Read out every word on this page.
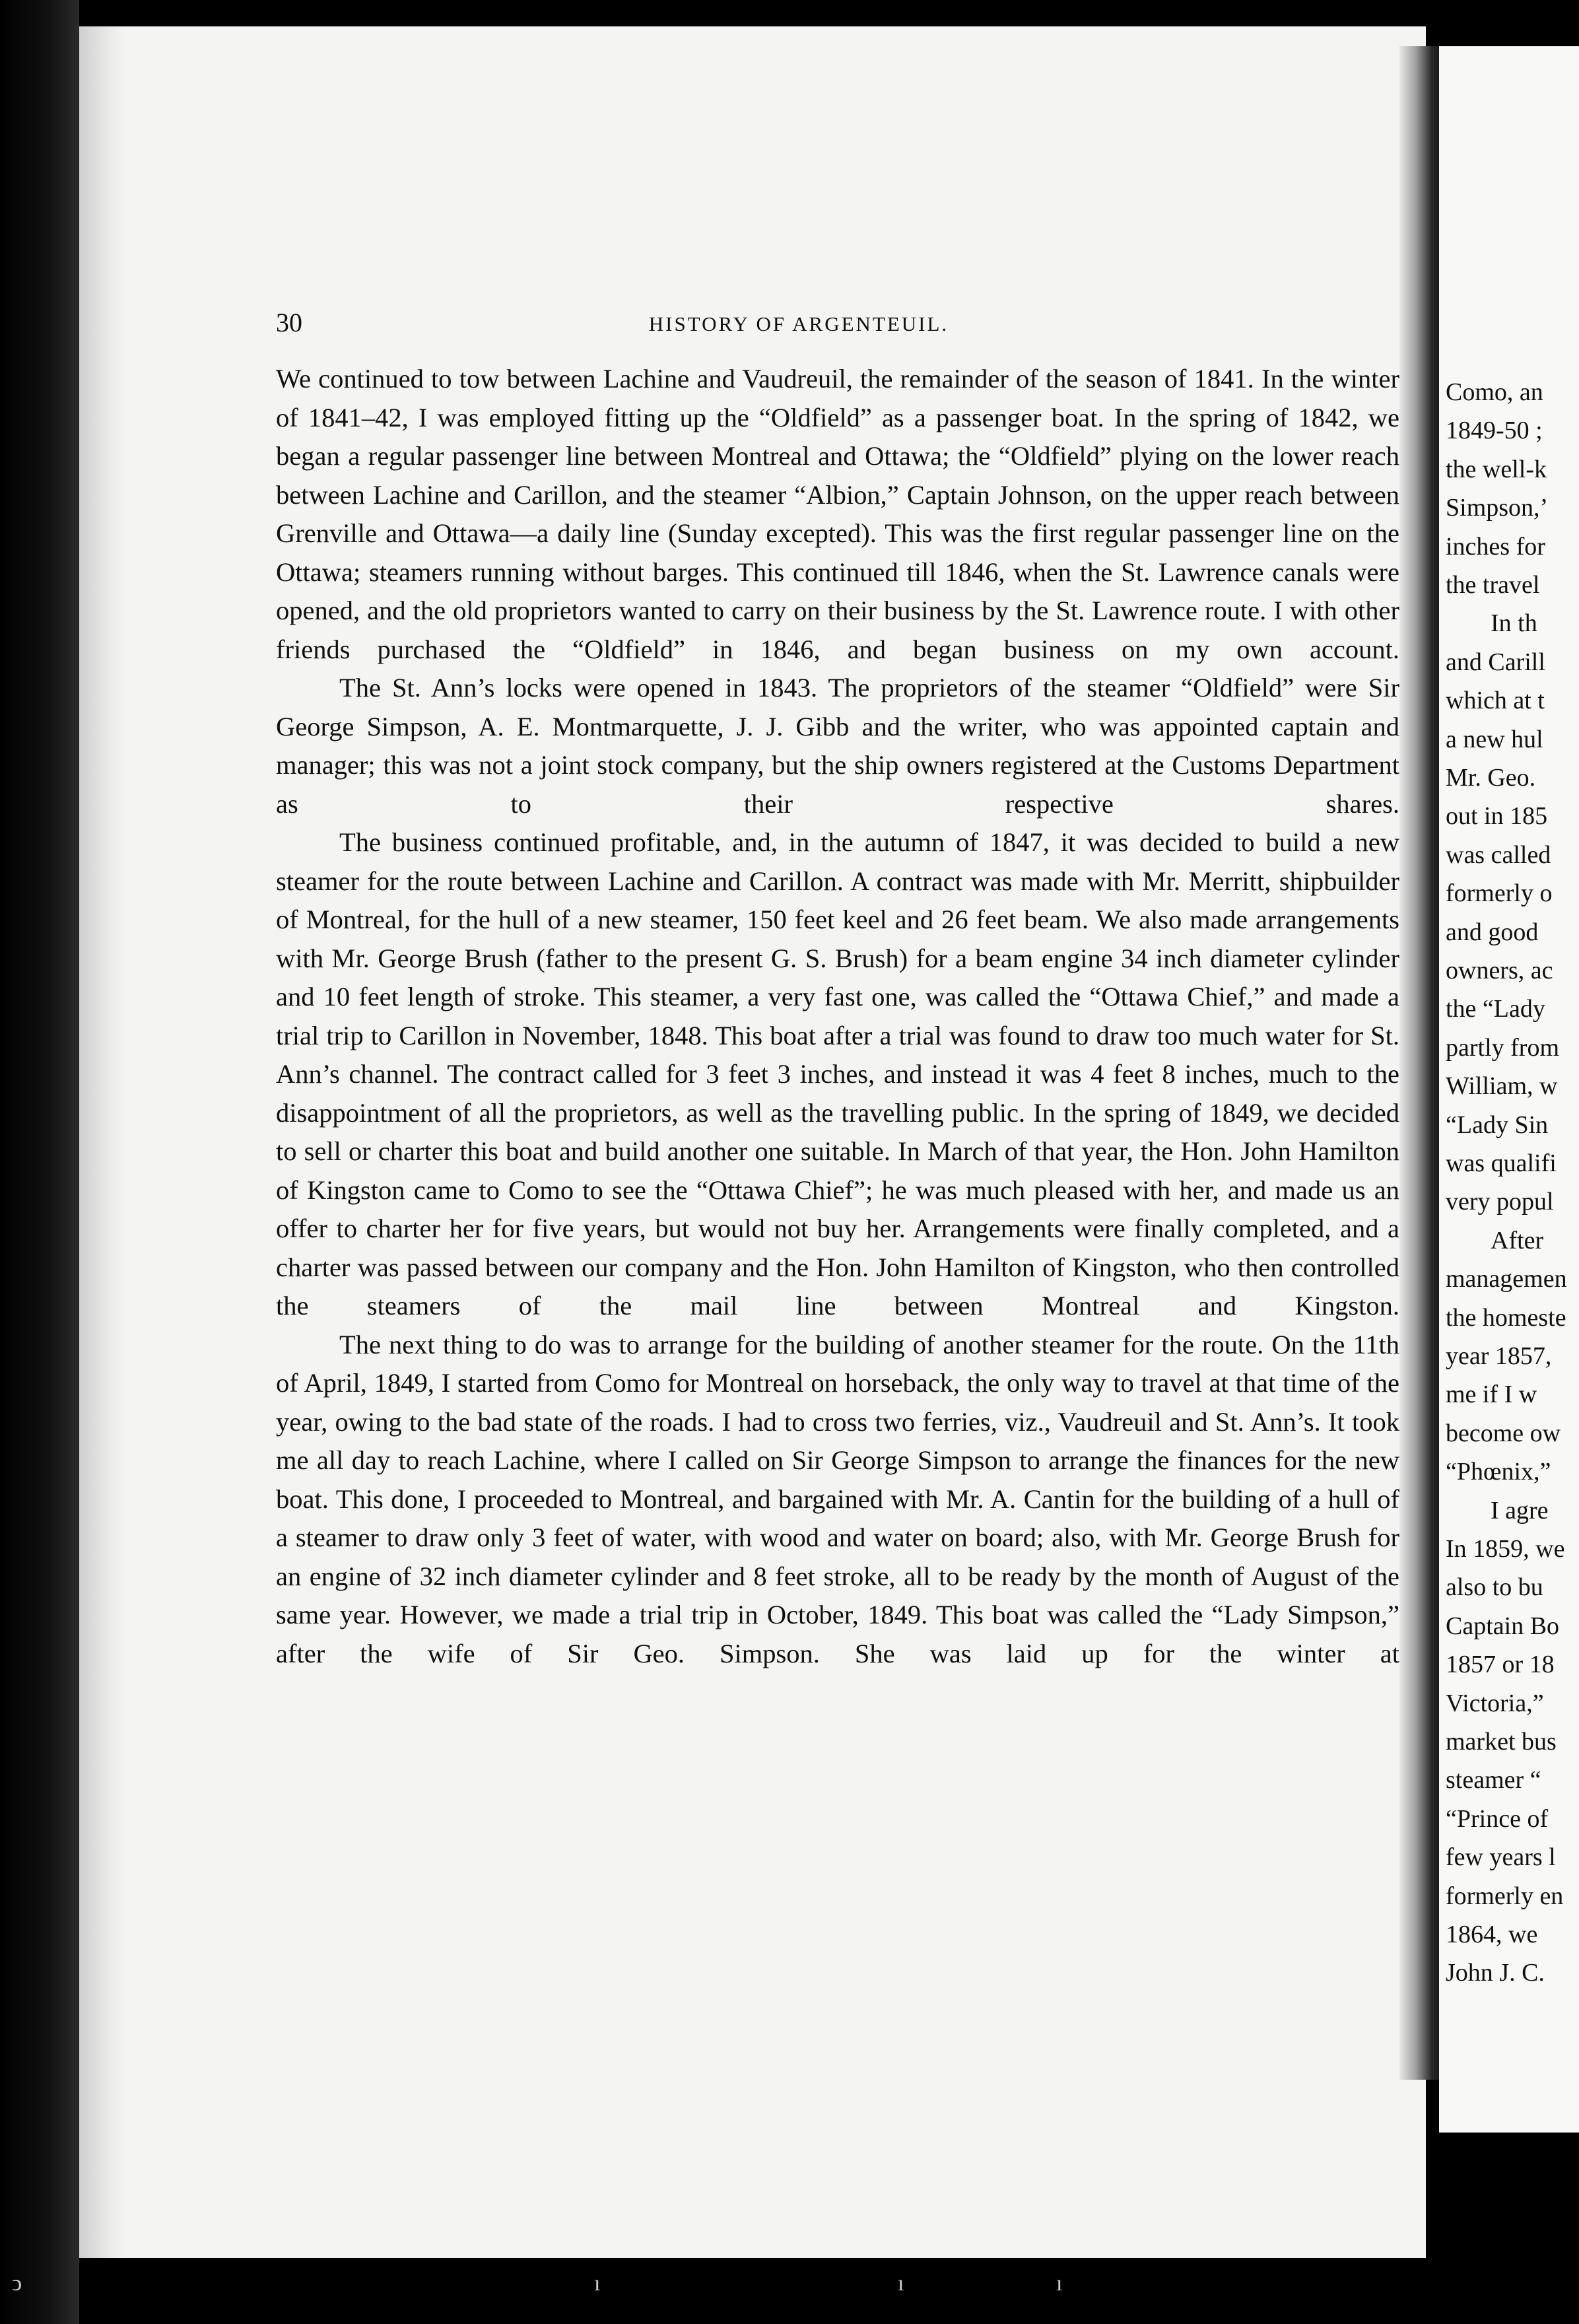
30	HISTORY OF ARGENTEUIL.

We continued to tow between Lachine and Vaudreuil, the remainder of the season of 1841. In the winter of 1841–42, I was employed fitting up the “Oldfield” as a passenger boat. In the spring of 1842, we began a regular passenger line between Montreal and Ottawa; the “Oldfield” plying on the lower reach between Lachine and Carillon, and the steamer “Albion,” Captain Johnson, on the upper reach between Grenville and Ottawa—a daily line (Sunday excepted). This was the first regular passenger line on the Ottawa; steamers running without barges. This continued till 1846, when the St. Lawrence canals were opened, and the old proprietors wanted to carry on their business by the St. Lawrence route. I with other friends purchased the “Oldfield” in 1846, and began business on my own account.

The St. Ann’s locks were opened in 1843. The proprietors of the steamer “Oldfield” were Sir George Simpson, A. E. Montmarquette, J. J. Gibb and the writer, who was appointed captain and manager; this was not a joint stock company, but the ship owners registered at the Customs Department as to their respective shares.

The business continued profitable, and, in the autumn of 1847, it was decided to build a new steamer for the route between Lachine and Carillon. A contract was made with Mr. Merritt, shipbuilder of Montreal, for the hull of a new steamer, 150 feet keel and 26 feet beam. We also made arrangements with Mr. George Brush (father to the present G. S. Brush) for a beam engine 34 inch diameter cylinder and 10 feet length of stroke. This steamer, a very fast one, was called the “Ottawa Chief,” and made a trial trip to Carillon in November, 1848. This boat after a trial was found to draw too much water for St. Ann’s channel. The contract called for 3 feet 3 inches, and instead it was 4 feet 8 inches, much to the disappointment of all the proprietors, as well as the travelling public. In the spring of 1849, we decided to sell or charter this boat and build another one suitable. In March of that year, the Hon. John Hamilton of Kingston came to Como to see the “Ottawa Chief”; he was much pleased with her, and made us an offer to charter her for five years, but would not buy her. Arrangements were finally completed, and a charter was passed between our company and the Hon. John Hamilton of Kingston, who then controlled the steamers of the mail line between Montreal and Kingston.

The next thing to do was to arrange for the building of another steamer for the route. On the 11th of April, 1849, I started from Como for Montreal on horseback, the only way to travel at that time of the year, owing to the bad state of the roads. I had to cross two ferries, viz., Vaudreuil and St. Ann’s. It took me all day to reach Lachine, where I called on Sir George Simpson to arrange the finances for the new boat. This done, I proceeded to Montreal, and bargained with Mr. A. Cantin for the building of a hull of a steamer to draw only 3 feet of water, with wood and water on board; also, with Mr. George Brush for an engine of 32 inch diameter cylinder and 8 feet stroke, all to be ready by the month of August of the same year. However, we made a trial trip in October, 1849. This boat was called the “Lady Simpson,” after the wife of Sir Geo. Simpson. She was laid up for the winter at

Como, an
1849-50 ;
the well-k
Simpson,’
inches for
the travel
In th
and Carill
which at t
a new hul
Mr. Geo.
out in 185
was called
formerly o
and good
owners, ac
the “Lady
partly from
William, w
“Lady Sin
was qualifi
very popul
After
managemen
the homeste
year 1857,
me if I w
become ow
“Phœnix,”
I agre
In 1859, we
also to bu
Captain Bo
1857 or 18
Victoria,”
market bus
steamer “
“Prince of
few years l
formerly en
1864, we
John J. C.
ↄ	ı	ı	ı
